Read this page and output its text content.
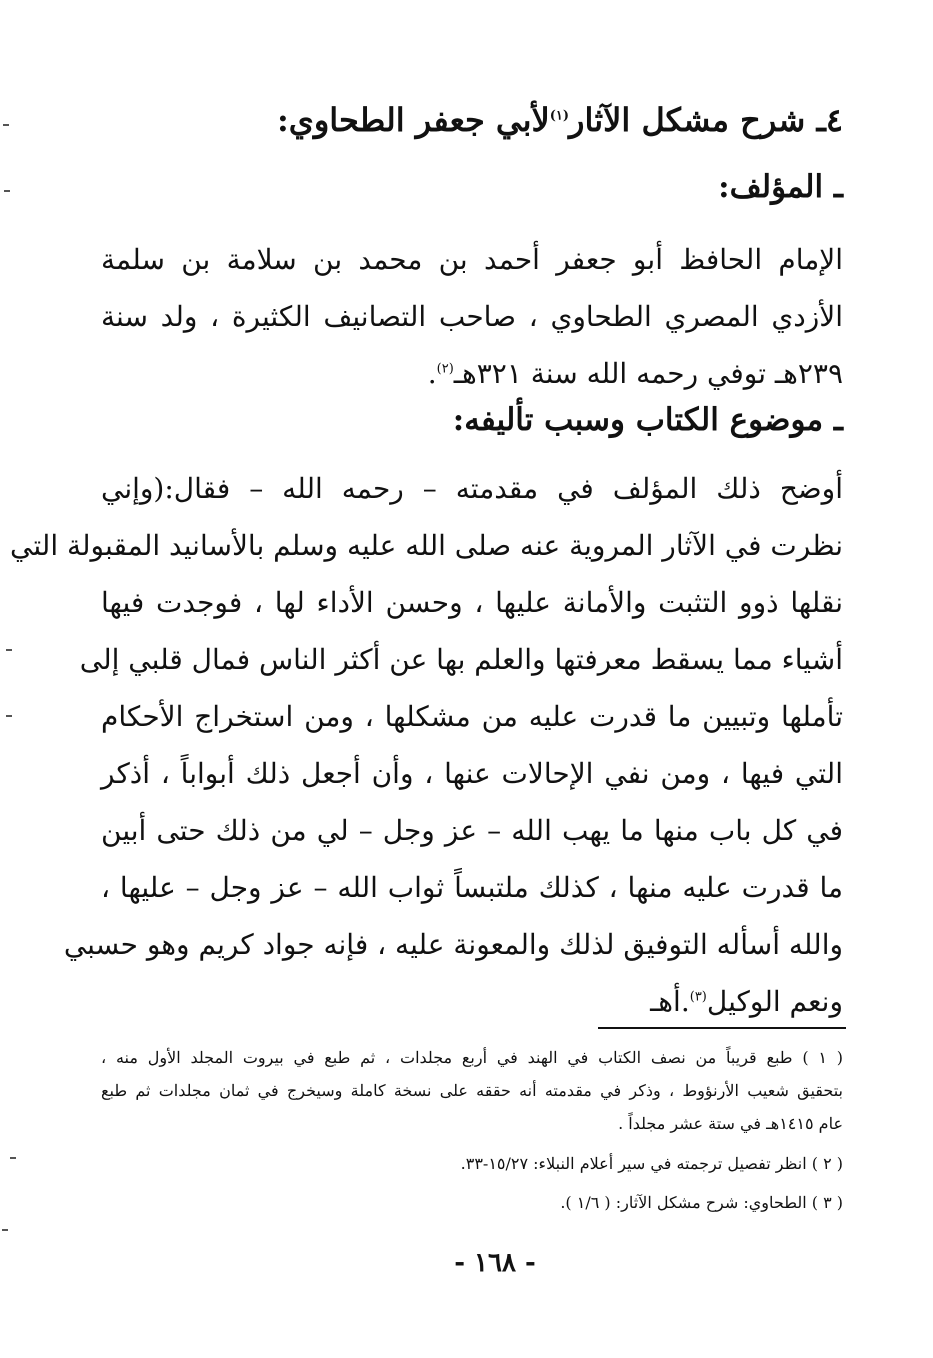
٤ـ شرح مشكل الآثار$^{(١)}$لأبي جعفر الطحاوي:
ـ المؤلف:
الإمام الحافظ أبو جعفر أحمد بن محمد بن سلامة بن سلمة
الأزدي المصري الطحاوي ، صاحب التصانيف الكثيرة ، ولد سنة
٢٣٩هـ توفي رحمه الله سنة ٣٢١هـ$^{(٢)}$.
ـ موضوع الكتاب وسبب تأليفه:
أوضح ذلك المؤلف في مقدمته – رحمه الله – فقال:(وإني
نظرت في الآثار المروية عنه صلى الله عليه وسلم بالأسانيد المقبولة التي
نقلها ذوو التثبت والأمانة عليها ، وحسن الأداء لها ، فوجدت فيها
أشياء مما يسقط معرفتها والعلم بها عن أكثر الناس فمال قلبي إلى
تأملها وتبيين ما قدرت عليه من مشكلها ، ومن استخراج الأحكام
التي فيها ، ومن نفي الإحالات عنها ، وأن أجعل ذلك أبواباً ، أذكر
في كل باب منها ما يهب الله – عز وجل – لي من ذلك حتى أبين
ما قدرت عليه منها ، كذلك ملتبساً ثواب الله – عز وجل – عليها ،
والله أسأله التوفيق لذلك والمعونة عليه ، فإنه جواد كريم وهو حسبي
ونعم الوكيل$^{(٣)}$.أهـ
( ١ ) طبع قريباً من نصف الكتاب في الهند في أربع مجلدات ، ثم طبع في بيروت المجلد الأول منه ،
بتحقيق شعيب الأرنؤوط ، وذكر في مقدمته أنه حققه على نسخة كاملة وسيخرج في ثمان مجلدات ثم طبع
عام ١٤١٥هـ في ستة عشر مجلداً .
( ٢ ) انظر تفصيل ترجمته في سير أعلام النبلاء: ١٥/٢٧-٣٣.
( ٣ ) الطحاوي: شرح مشكل الآثار: ( ١/٦ ).
- ١٦٨ -
